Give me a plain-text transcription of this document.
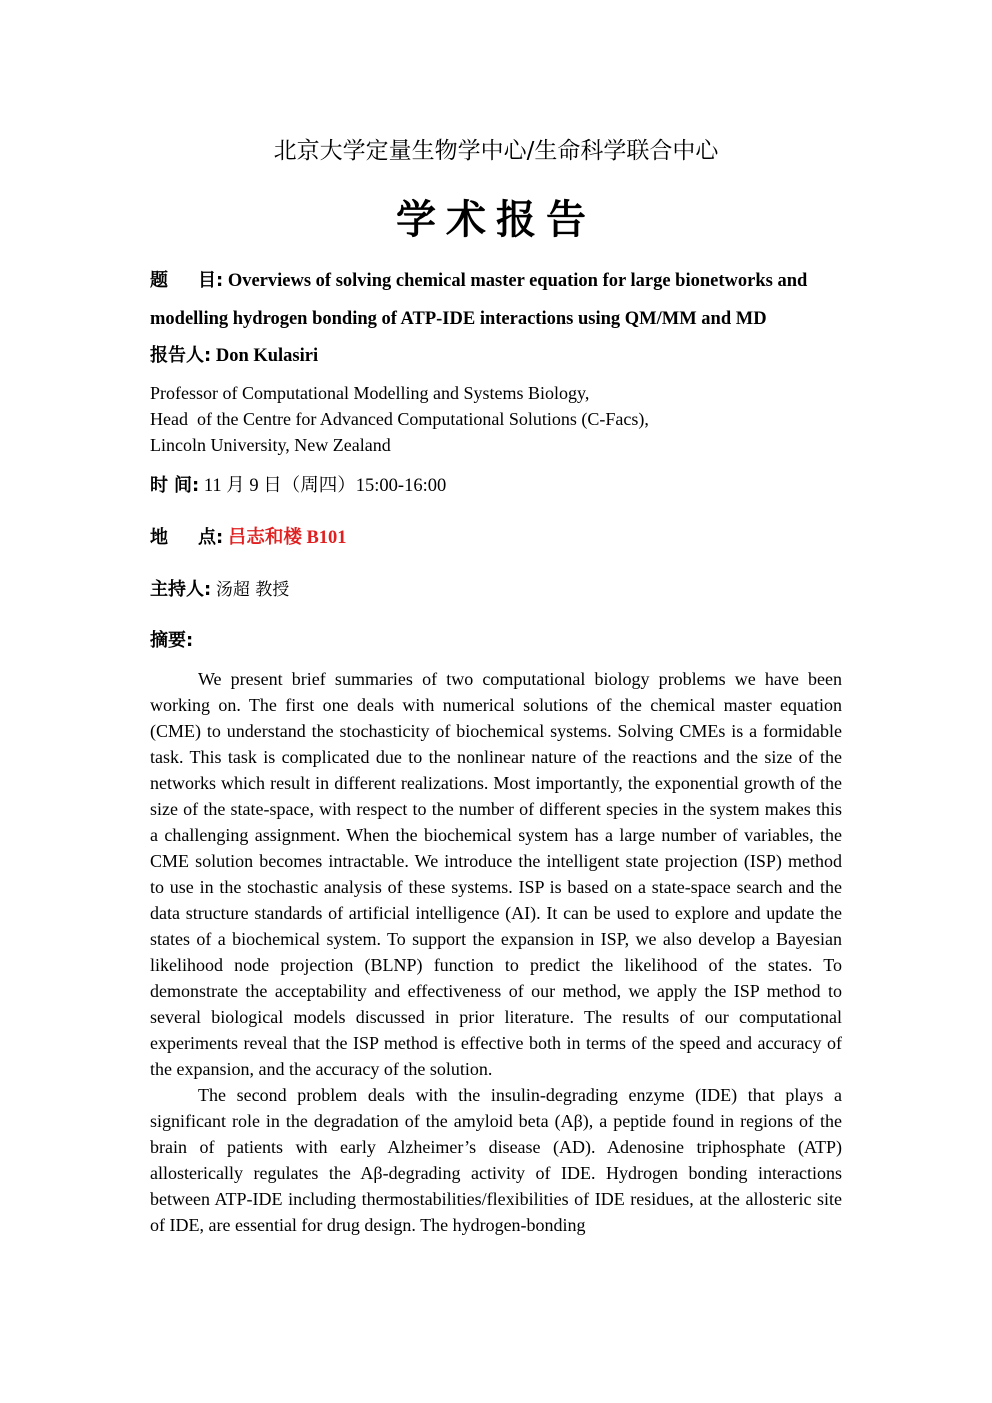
北京大学定量生物学中心/生命科学联合中心
学术报告
题 目: Overviews of solving chemical master equation for large bionetworks and modelling hydrogen bonding of ATP-IDE interactions using QM/MM and MD
报告人: Don Kulasiri
Professor of Computational Modelling and Systems Biology,
Head  of the Centre for Advanced Computational Solutions (C-Facs),
Lincoln University, New Zealand
时 间: 11 月 9 日（周四）15:00-16:00
地 点: 吕志和楼 B101
主持人: 汤超 教授
摘要:

We present brief summaries of two computational biology problems we have been working on. The first one deals with numerical solutions of the chemical master equation (CME) to understand the stochasticity of biochemical systems. Solving CMEs is a formidable task. This task is complicated due to the nonlinear nature of the reactions and the size of the networks which result in different realizations. Most importantly, the exponential growth of the size of the state-space, with respect to the number of different species in the system makes this a challenging assignment. When the biochemical system has a large number of variables, the CME solution becomes intractable. We introduce the intelligent state projection (ISP) method to use in the stochastic analysis of these systems. ISP is based on a state-space search and the data structure standards of artificial intelligence (AI). It can be used to explore and update the states of a biochemical system. To support the expansion in ISP, we also develop a Bayesian likelihood node projection (BLNP) function to predict the likelihood of the states. To demonstrate the acceptability and effectiveness of our method, we apply the ISP method to several biological models discussed in prior literature. The results of our computational experiments reveal that the ISP method is effective both in terms of the speed and accuracy of the expansion, and the accuracy of the solution.

The second problem deals with the insulin-degrading enzyme (IDE) that plays a significant role in the degradation of the amyloid beta (Aβ), a peptide found in regions of the brain of patients with early Alzheimer’s disease (AD). Adenosine triphosphate (ATP) allosterically regulates the Aβ-degrading activity of IDE. Hydrogen bonding interactions between ATP-IDE including thermostabilities/flexibilities of IDE residues, at the allosteric site of IDE, are essential for drug design. The hydrogen-bonding
